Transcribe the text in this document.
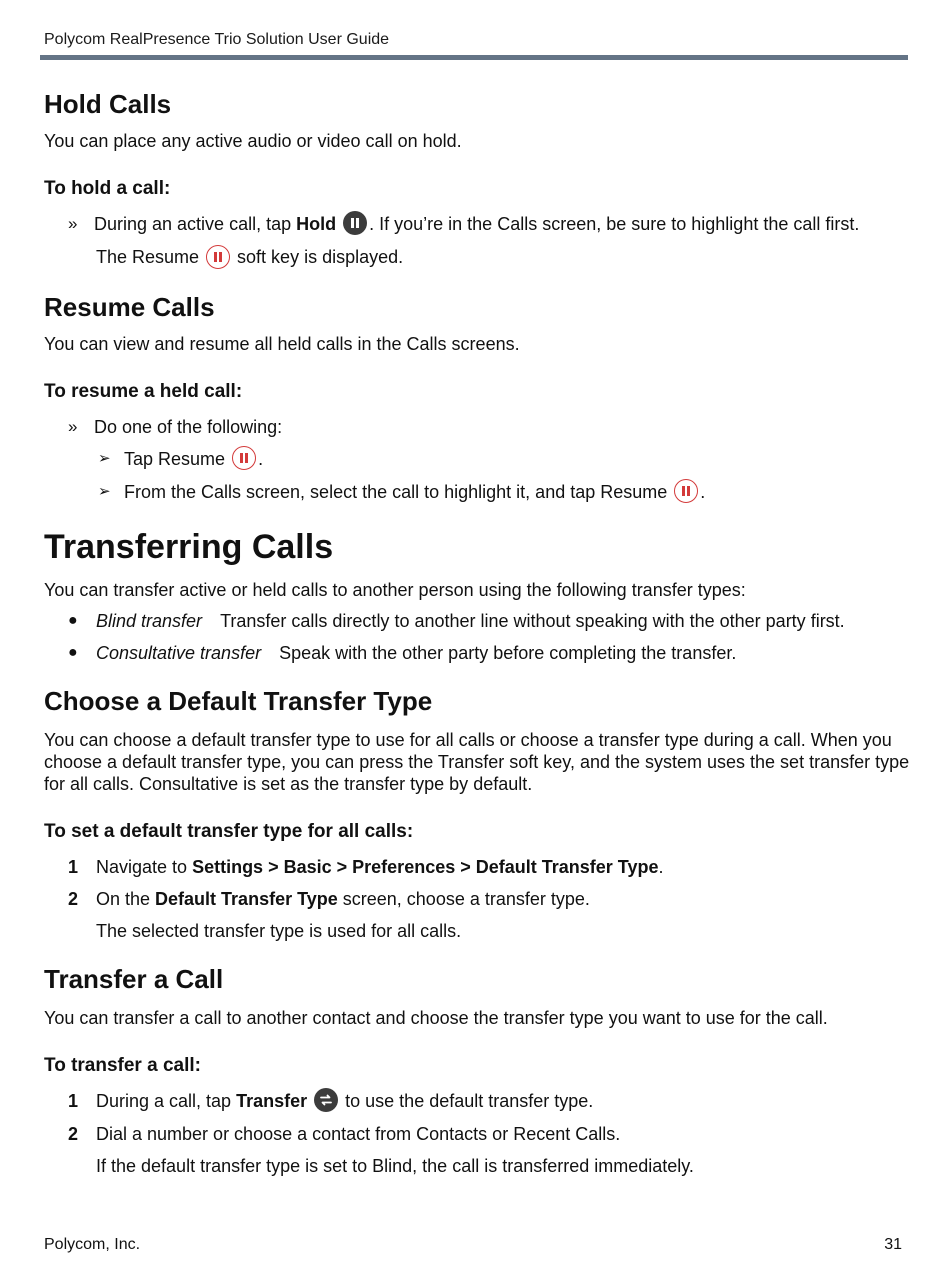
Polycom RealPresence Trio Solution User Guide
Hold Calls

You can place any active audio or video call on hold.

To hold a call:
» During an active call, tap Hold . If you’re in the Calls screen, be sure to highlight the call first.
The Resume
soft key is displayed.
Resume Calls

You can view and resume all held calls in the Calls screens.

To resume a held call:
» Do one of the following:
➢ Tap Resume
.
➢ From the Calls screen, select the call to highlight it, and tap Resume
.
Transferring Calls

You can transfer active or held calls to another person using the following transfer types:

● Blind transfer Transfer calls directly to another line without speaking with the other party first.
● Consultative transfer Speak with the other party before completing the transfer.
Choose a Default Transfer Type

You can choose a default transfer type to use for all calls or choose a transfer type during a call. When you choose a default transfer type, you can press the Transfer soft key, and the system uses the set transfer type for all calls. Consultative is set as the transfer type by default.

To set a default transfer type for all calls:
1 Navigate to Settings > Basic > Preferences > Default Transfer Type.
2 On the Default Transfer Type screen, choose a transfer type.
The selected transfer type is used for all calls.
Transfer a Call

You can transfer a call to another contact and choose the transfer type you want to use for the call.

To transfer a call:
1 During a call, tap Transfer
to use the default transfer type.
2 Dial a number or choose a contact from Contacts or Recent Calls.
If the default transfer type is set to Blind, the call is transferred immediately.
Polycom, Inc.	31
